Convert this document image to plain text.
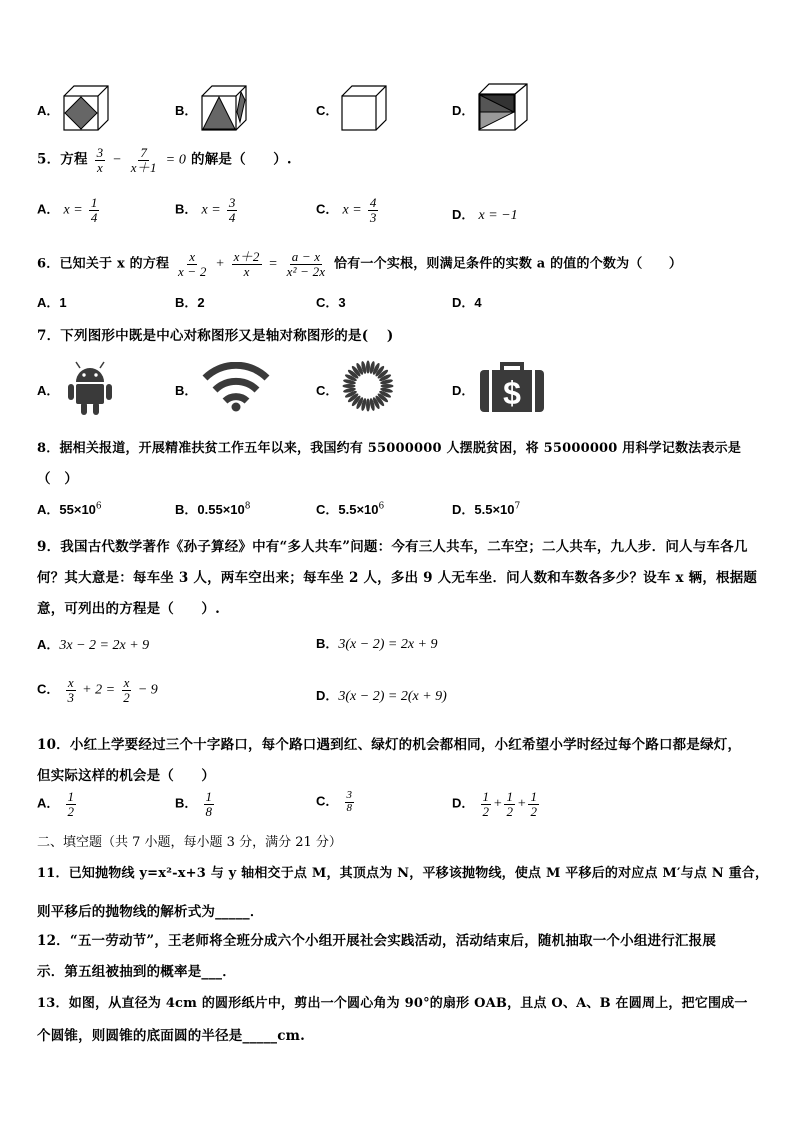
A．	B．	C．	D．
5．方程 $\frac{3}{x} - \frac{7}{x+1} = 0$ 的解是（　　）.
A． $x = \frac{1}{4}$	B． $x = \frac{3}{4}$	C． $x = \frac{4}{3}$	D． x = −1
6．已知关于 x 的方程 $\frac{x}{x - 2} + \frac{x+2}{x} = \frac{a - x}{\text{x² − 2x}}$ 恰有一个实根，则满足条件的实数 a 的值的个数为（　　）
A．1	B．2	C．3	D．4
7．下列图形中既是中心对称图形又是轴对称图形的是(　 )
A．	B．	C．	D． $
8．据相关报道，开展精准扶贫工作五年以来，我国约有 55000000 人摆脱贫困，将 55000000 用科学记数法表示是
（　）
A．$55\times 10^6$	B．$0.55\times 10^8$	C．$5.5\times 10^6$	D．$5.5\times 10^7$
9．我国古代数学著作《孙子算经》中有“多人共车”问题：今有三人共车，二车空；二人共车，九人步．问人与车各几
何？其大意是：每车坐 3 人，两车空出来；每车坐 2 人，多出 9 人无车坐．问人数和车数各多少？设车 x 辆，根据题
意，可列出的方程是（　　）.
A．3x − 2 = 2x + 9	B．3(x − 2) = 2x + 9
C． $\frac{x}{3} + 2 = \frac{x}{2} - 9$	D．3(x − 2) = 2(x + 9)
10．小红上学要经过三个十字路口，每个路口遇到红、绿灯的机会都相同，小红希望小学时经过每个路口都是绿灯，
但实际这样的机会是（　　）
A． $\frac{1}{2}$	B． $\frac{1}{8}$	C． $\frac{3}{8}$	D． $\frac{1}{2} + \frac{1}{2} + \frac{1}{2}$
二、填空题（共 7 小题，每小题 3 分，满分 21 分）
11．已知抛物线 y=x²-x+3 与 y 轴相交于点 M，其顶点为 N，平移该抛物线，使点 M 平移后的对应点 M′与点 N 重合，
则平移后的抛物线的解析式为_____．
12．“五一劳动节”，王老师将全班分成六个小组开展社会实践活动，活动结束后，随机抽取一个小组进行汇报展
示．第五组被抽到的概率是___．
13．如图，从直径为 4cm 的圆形纸片中，剪出一个圆心角为 90°的扇形 OAB，且点 O、A、B 在圆周上，把它围成一
个圆锥，则圆锥的底面圆的半径是_____cm.
